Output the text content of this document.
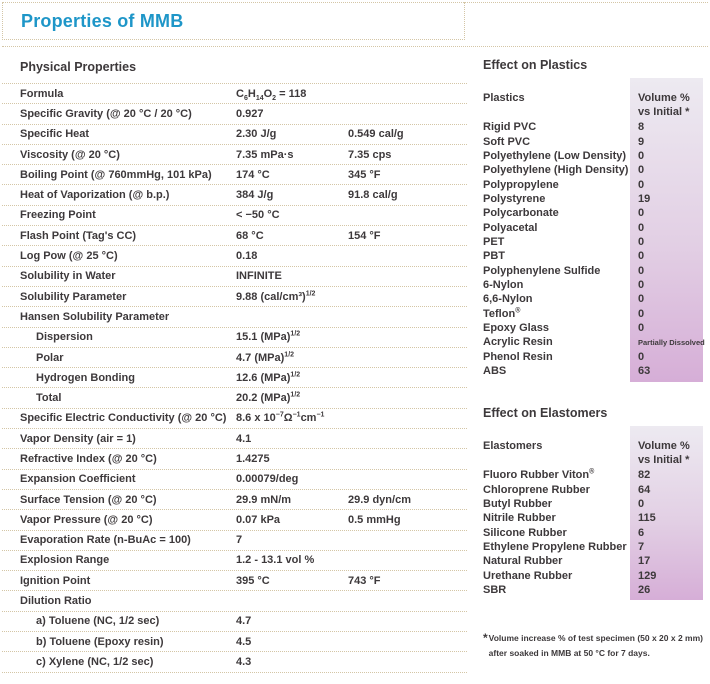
Properties of MMB
Physical Properties
Formula	$C_6H_{14}O_2 = 118$
Specific Gravity (@ 20 °C / 20 °C)	0.927
Specific Heat	2.30 J/g	0.549 cal/g
Viscosity (@ 20 °C)	7.35 mPa·s	7.35 cps
Boiling Point (@ 760mmHg, 101 kPa)	174 °C	345 °F
Heat of Vaporization (@ b.p.)	384 J/g	91.8 cal/g
Freezing Point	< −50 °C
Flash Point (Tag's CC)	68 °C	154 °F
Log Pow (@ 25 °C)	0.18
Solubility in Water	INFINITE
Solubility Parameter	9.88 $(cal/cm^3)^{1/2}$
Hansen Solubility Parameter
Dispersion	15.1 (MPa)$^{1/2}$
Polar	4.7 (MPa)$^{1/2}$
Hydrogen Bonding	12.6 (MPa)$^{1/2}$
Total	20.2 (MPa)$^{1/2}$
Specific Electric Conductivity (@ 20 °C) 8.6 x $10^{-7}\Omega^{-1}cm^{-1}$
Vapor Density (air = 1)	4.1
Refractive Index (@ 20 °C)	1.4275
Expansion Coefficient	0.00079/deg
Surface Tension (@ 20 °C)	29.9 mN/m	29.9 dyn/cm
Vapor Pressure (@ 20 °C)	0.07 kPa	0.5 mmHg
Evaporation Rate (n-BuAc = 100)	7
Explosion Range	1.2 - 13.1 vol %
Ignition Point	395 °C	743 °F
Dilution Ratio
a) Toluene (NC, 1/2 sec)	4.7
b) Toluene (Epoxy resin)	4.5
c) Xylene (NC, 1/2 sec)	4.3
Effect on Plastics
Plastics	Volume %
vs Initial *
Rigid PVC	8
Soft PVC	9
Polyethylene (Low Density)	0
Polyethylene (High Density) 0
Polypropylene	0
Polystyrene	19
Polycarbonate	0
Polyacetal	0
PET	0
PBT	0
Polyphenylene Sulfide	0
6-Nylon	0
6,6-Nylon	0
Teflon®	0
Epoxy Glass	0
Acrylic Resin	Partially Dissolved
Phenol Resin	0
ABS	63
Effect on Elastomers
Elastomers	Volume %
vs Initial *
Fluoro Rubber Viton®	82
Chloroprene Rubber	64
Butyl Rubber	0
Nitrile Rubber	115
Silicone Rubber	6
Ethylene Propylene Rubber	7
Natural Rubber	17
Urethane Rubber	129
SBR	26
* Volume increase % of test specimen (50 x 20 x 2 mm)
after soaked in MMB at 50 °C for 7 days.
